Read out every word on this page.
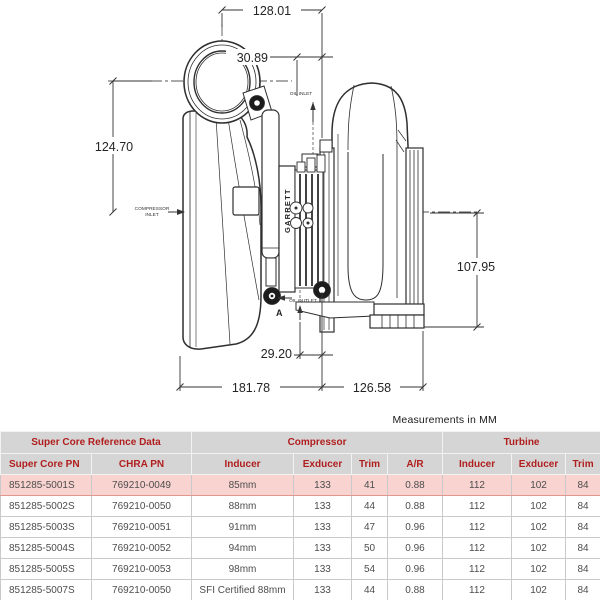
GARRETT
128.01
30.89
124.70
107.95
29.20
181.78	126.58
COMPRESSOR
INLET
OIL INLET
OIL OUTLET
A
Measurements in MM
Super Core Reference Data		Compressor				Turbine		
Super Core PN	CHRA PN	Inducer	Exducer	Trim	A/R	Inducer	Exducer	Trim
851285-5001S	769210-0049	85mm	133	41	0.88	112	102	84
851285-5002S	769210-0050	88mm	133	44	0.88	112	102	84
851285-5003S	769210-0051	91mm	133	47	0.96	112	102	84
851285-5004S	769210-0052	94mm	133	50	0.96	112	102	84
851285-5005S	769210-0053	98mm	133	54	0.96	112	102	84
851285-5007S	769210-0050	SFI Certified 88mm	133	44	0.88	112	102	84
